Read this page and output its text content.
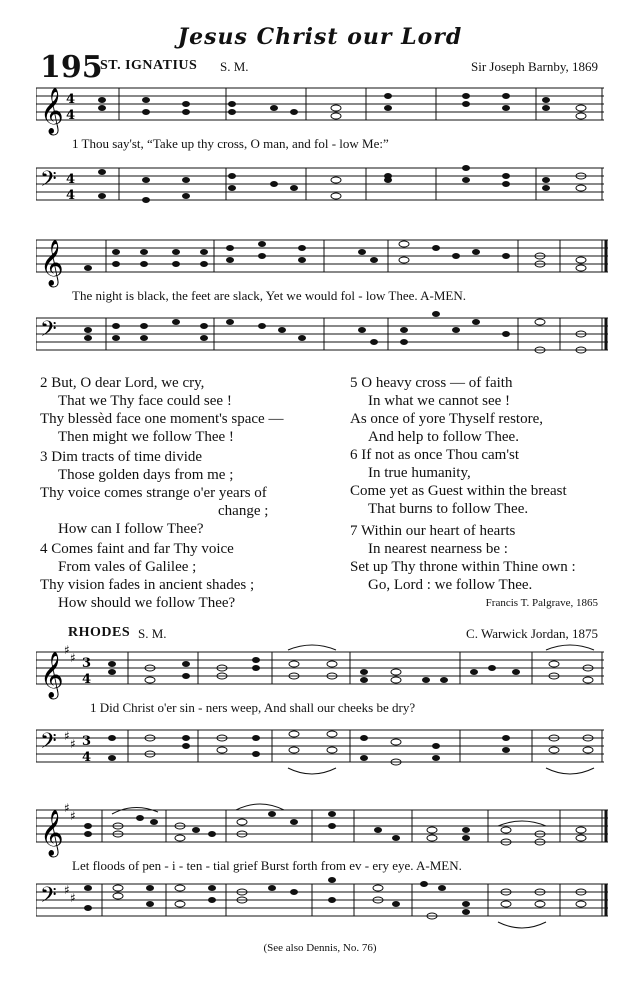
Jesus Christ our Lord
195
ST. IGNATIUS S. M.	Sir Joseph Barnby, 1869
𝄞 4
4
1 Thou say'st, “Take up thy cross, O man, and fol - low Me:”
𝄢 4
4
𝄞
The night is black, the feet are slack, Yet we would fol - low Thee. A-MEN.
𝄢
2 But, O dear Lord, we cry,
That we Thy face could see !
Thy blessèd face one moment's space —
Then might we follow Thee !
3 Dim tracts of time divide
Those golden days from me ;
Thy voice comes strange o'er years of
change ;
How can I follow Thee?
4 Comes faint and far Thy voice
From vales of Galilee ;
Thy vision fades in ancient shades ;
How should we follow Thee?
5 O heavy cross — of faith
In what we cannot see !
As once of yore Thyself restore,
And help to follow Thee.
6 If not as once Thou cam'st
In true humanity,
Come yet as Guest within the breast
That burns to follow Thee.
7 Within our heart of hearts
In nearest nearness be :
Set up Thy throne within Thine own :
Go, Lord : we follow Thee.
Francis T. Palgrave, 1865
RHODES S. M.	C. Warwick Jordan, 1875
𝄞
♯
♯ 3
4
1 Did Christ o'er sin - ners weep, And shall our cheeks be dry?
𝄢 ♯
♯ 3
4
𝄞
♯
♯
Let floods of pen - i - ten - tial grief Burst forth from ev - ery eye. A-MEN.
𝄢 ♯
♯
(See also Dennis, No. 76)
